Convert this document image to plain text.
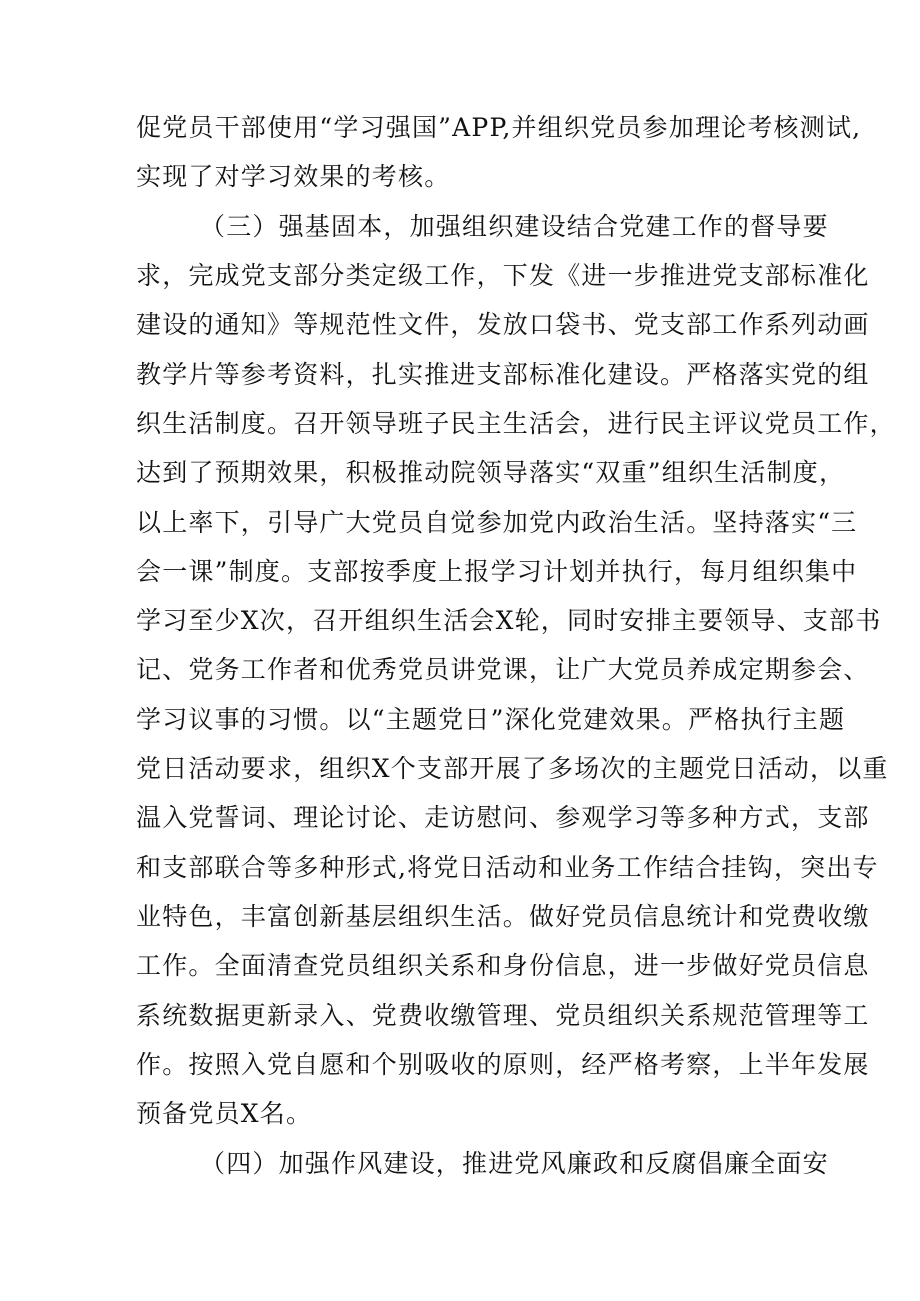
促党员干部使用“学习强国”APP,并组织党员参加理论考核测试,
实现了对学习效果的考核。
（三）强基固本，加强组织建设结合党建工作的督导要
求，完成党支部分类定级工作，下发《进一步推进党支部标准化
建设的通知》等规范性文件，发放口袋书、党支部工作系列动画
教学片等参考资料，扎实推进支部标准化建设。严格落实党的组
织生活制度。召开领导班子民主生活会，进行民主评议党员工作，
达到了预期效果，积极推动院领导落实“双重”组织生活制度，
以上率下，引导广大党员自觉参加党内政治生活。坚持落实“三
会一课”制度。支部按季度上报学习计划并执行，每月组织集中
学习至少X次，召开组织生活会X轮，同时安排主要领导、支部书
记、党务工作者和优秀党员讲党课，让广大党员养成定期参会、
学习议事的习惯。以“主题党日”深化党建效果。严格执行主题
党日活动要求，组织X个支部开展了多场次的主题党日活动，以重
温入党誓词、理论讨论、走访慰问、参观学习等多种方式，支部
和支部联合等多种形式,将党日活动和业务工作结合挂钩，突出专
业特色，丰富创新基层组织生活。做好党员信息统计和党费收缴
工作。全面清查党员组织关系和身份信息，进一步做好党员信息
系统数据更新录入、党费收缴管理、党员组织关系规范管理等工
作。按照入党自愿和个别吸收的原则，经严格考察，上半年发展
预备党员X名。
（四）加强作风建设，推进党风廉政和反腐倡廉全面安
